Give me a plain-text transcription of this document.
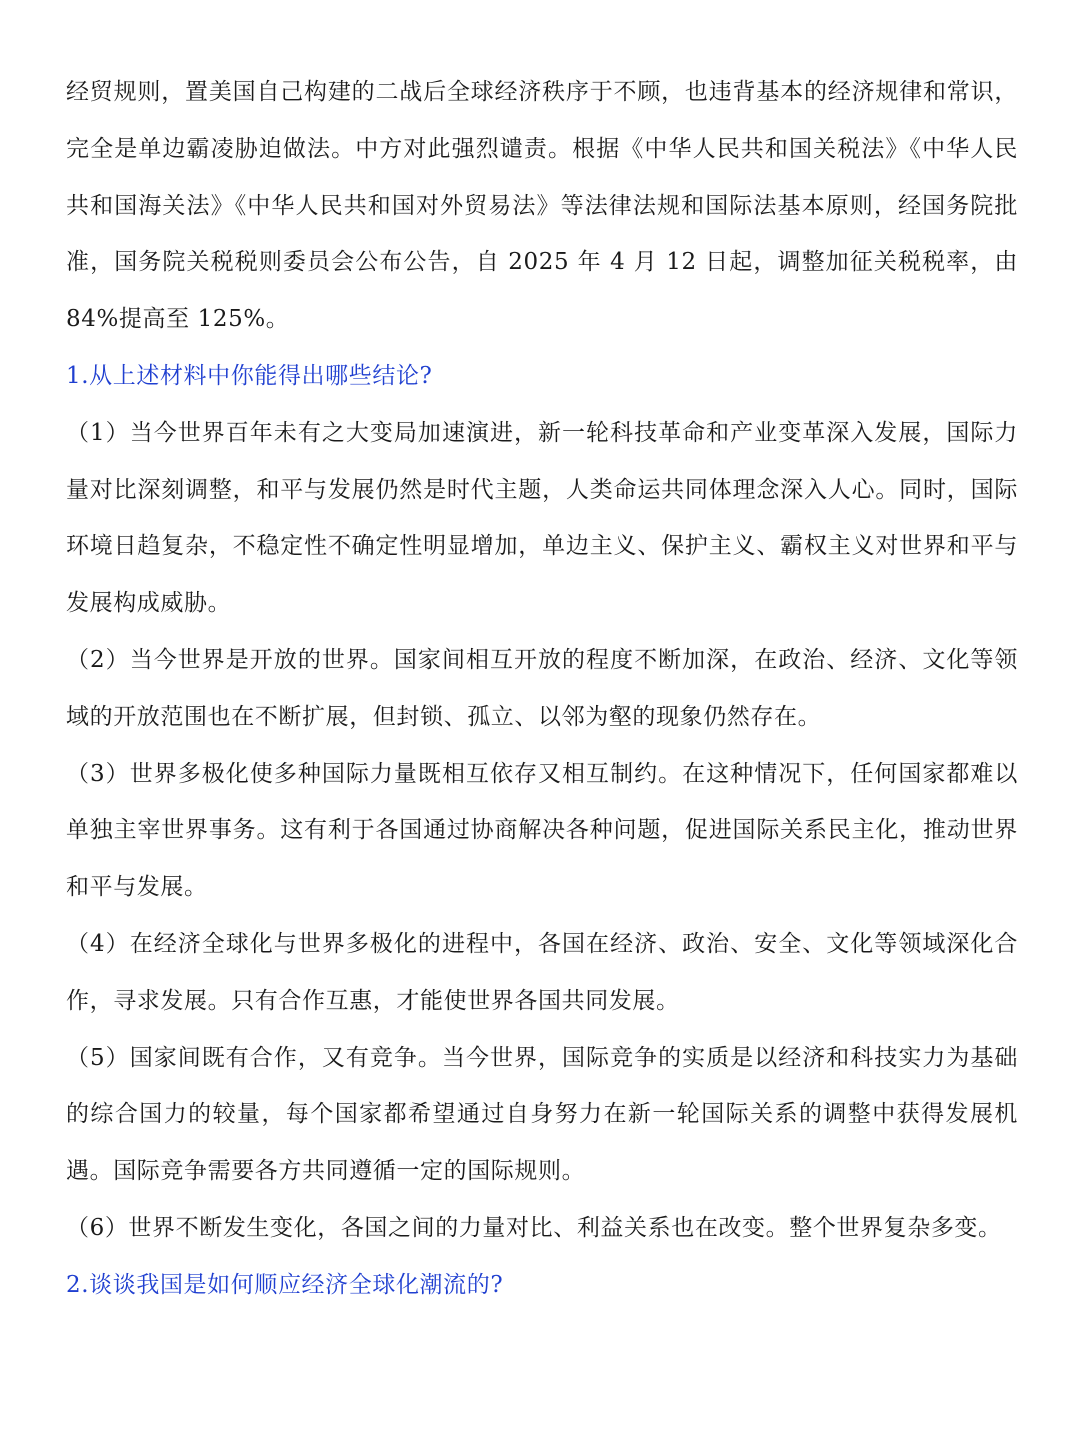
经贸规则，置美国自己构建的二战后全球经济秩序于不顾，也违背基本的经济规律和常识，完全是单边霸凌胁迫做法。中方对此强烈谴责。根据《中华人民共和国关税法》《中华人民共和国海关法》《中华人民共和国对外贸易法》等法律法规和国际法基本原则，经国务院批准，国务院关税税则委员会公布公告，自 2025 年 4 月 12 日起，调整加征关税税率，由 84%提高至 125%。

1.从上述材料中你能得出哪些结论?

（1）当今世界百年未有之大变局加速演进，新一轮科技革命和产业变革深入发展，国际力量对比深刻调整，和平与发展仍然是时代主题，人类命运共同体理念深入人心。同时，国际环境日趋复杂，不稳定性不确定性明显增加，单边主义、保护主义、霸权主义对世界和平与发展构成威胁。

（2）当今世界是开放的世界。国家间相互开放的程度不断加深，在政治、经济、文化等领域的开放范围也在不断扩展，但封锁、孤立、以邻为壑的现象仍然存在。

（3）世界多极化使多种国际力量既相互依存又相互制约。在这种情况下，任何国家都难以单独主宰世界事务。这有利于各国通过协商解决各种问题，促进国际关系民主化，推动世界和平与发展。

（4）在经济全球化与世界多极化的进程中，各国在经济、政治、安全、文化等领域深化合作，寻求发展。只有合作互惠，才能使世界各国共同发展。

（5）国家间既有合作，又有竞争。当今世界，国际竞争的实质是以经济和科技实力为基础的综合国力的较量，每个国家都希望通过自身努力在新一轮国际关系的调整中获得发展机遇。国际竞争需要各方共同遵循一定的国际规则。

（6）世界不断发生变化，各国之间的力量对比、利益关系也在改变。整个世界复杂多变。

2.谈谈我国是如何顺应经济全球化潮流的?
